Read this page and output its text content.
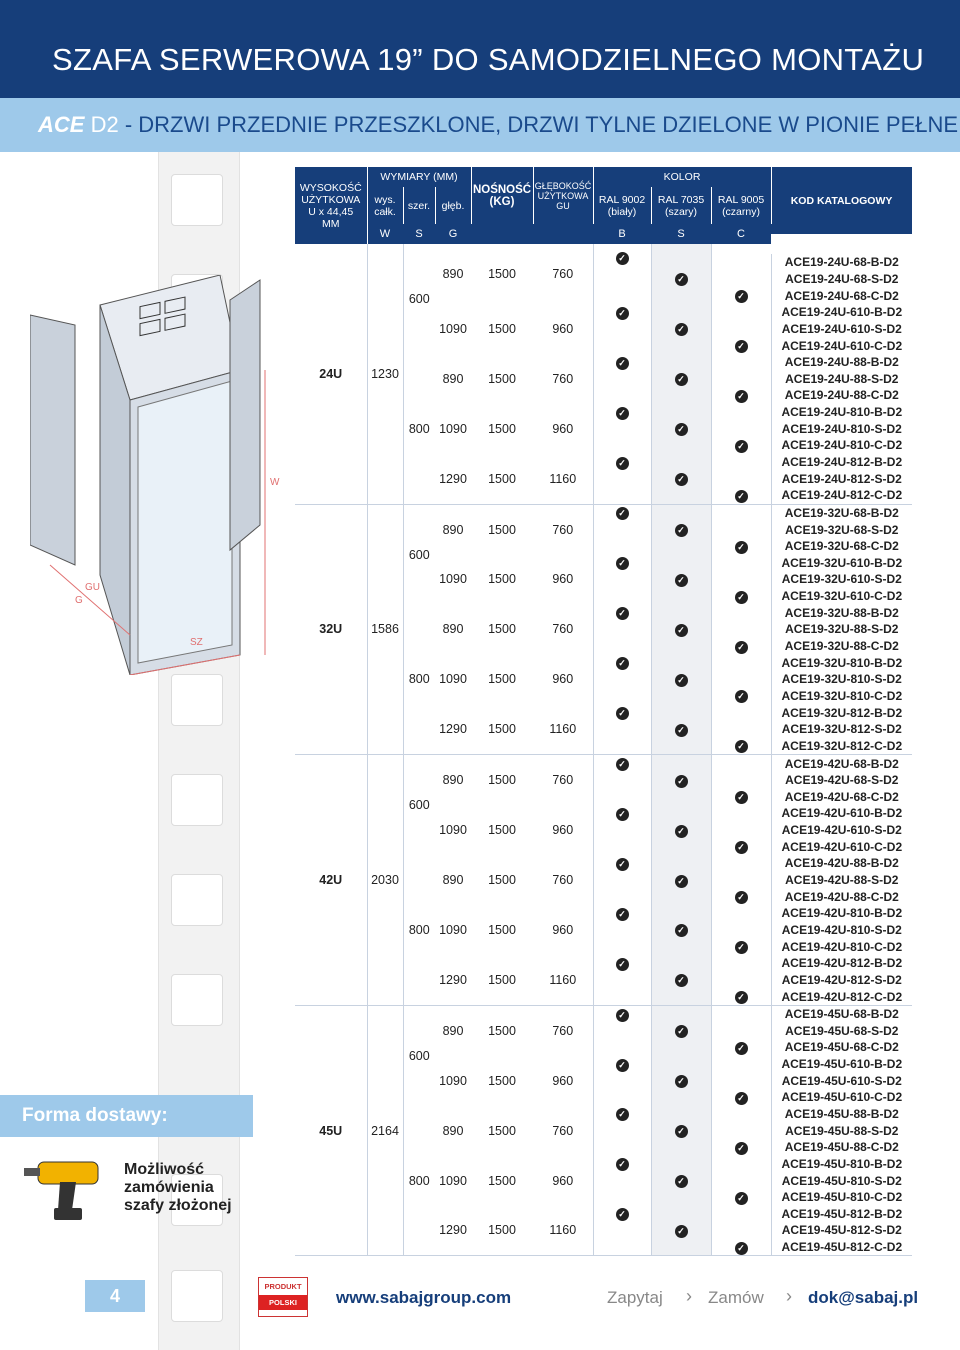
SZAFA SERWEROWA 19” DO SAMODZIELNEGO MONTAŻU
ACE D2 - DRZWI PRZEDNIE PRZESZKLONE, DRZWI TYLNE DZIELONE W PIONIE PEŁNE
W
GU
G
SZ
Forma dostawy:
Możliwość
zamówienia
szafy złożonej
WYSOKOŚĆ UŻYTKOWA U x 44,45 MM	WYMIARY (MM)			NOŚNOŚĆ (KG)	GŁĘBOKOŚĆ UŻYTKOWA GU	KOLOR			KOD KATALOGOWY
	wys. całk.	szer.	głęb.			RAL 9002 (biały)	RAL 7035 (szary)	RAL 9005 (czarny)	
	W	S	G			B	S	C	
24U	1230	600	890	1500	760	✓			ACE19-24U-68-B-D2
							✓		ACE19-24U-68-S-D2
								✓	ACE19-24U-68-C-D2
			1090	1500	960	✓			ACE19-24U-610-B-D2
							✓		ACE19-24U-610-S-D2
								✓	ACE19-24U-610-C-D2
		800	890	1500	760	✓			ACE19-24U-88-B-D2
							✓		ACE19-24U-88-S-D2
								✓	ACE19-24U-88-C-D2
			1090	1500	960	✓			ACE19-24U-810-B-D2
							✓		ACE19-24U-810-S-D2
								✓	ACE19-24U-810-C-D2
			1290	1500	1160	✓			ACE19-24U-812-B-D2
							✓		ACE19-24U-812-S-D2
								✓	ACE19-24U-812-C-D2
32U	1586	600	890	1500	760	✓			ACE19-32U-68-B-D2
							✓		ACE19-32U-68-S-D2
								✓	ACE19-32U-68-C-D2
			1090	1500	960	✓			ACE19-32U-610-B-D2
							✓		ACE19-32U-610-S-D2
								✓	ACE19-32U-610-C-D2
		800	890	1500	760	✓			ACE19-32U-88-B-D2
							✓		ACE19-32U-88-S-D2
								✓	ACE19-32U-88-C-D2
			1090	1500	960	✓			ACE19-32U-810-B-D2
							✓		ACE19-32U-810-S-D2
								✓	ACE19-32U-810-C-D2
			1290	1500	1160	✓			ACE19-32U-812-B-D2
							✓		ACE19-32U-812-S-D2
								✓	ACE19-32U-812-C-D2
42U	2030	600	890	1500	760	✓			ACE19-42U-68-B-D2
							✓		ACE19-42U-68-S-D2
								✓	ACE19-42U-68-C-D2
			1090	1500	960	✓			ACE19-42U-610-B-D2
							✓		ACE19-42U-610-S-D2
								✓	ACE19-42U-610-C-D2
		800	890	1500	760	✓			ACE19-42U-88-B-D2
							✓		ACE19-42U-88-S-D2
								✓	ACE19-42U-88-C-D2
			1090	1500	960	✓			ACE19-42U-810-B-D2
							✓		ACE19-42U-810-S-D2
								✓	ACE19-42U-810-C-D2
			1290	1500	1160	✓			ACE19-42U-812-B-D2
							✓		ACE19-42U-812-S-D2
								✓	ACE19-42U-812-C-D2
45U	2164	600	890	1500	760	✓			ACE19-45U-68-B-D2
							✓		ACE19-45U-68-S-D2
								✓	ACE19-45U-68-C-D2
			1090	1500	960	✓			ACE19-45U-610-B-D2
							✓		ACE19-45U-610-S-D2
								✓	ACE19-45U-610-C-D2
		800	890	1500	760	✓			ACE19-45U-88-B-D2
							✓		ACE19-45U-88-S-D2
								✓	ACE19-45U-88-C-D2
			1090	1500	960	✓			ACE19-45U-810-B-D2
							✓		ACE19-45U-810-S-D2
								✓	ACE19-45U-810-C-D2
			1290	1500	1160	✓			ACE19-45U-812-B-D2
							✓		ACE19-45U-812-S-D2
								✓	ACE19-45U-812-C-D2
4	PRODUKT
POLSKI	www.sabajgroup.com	Zapytaj › Zamów › dok@sabaj.pl
